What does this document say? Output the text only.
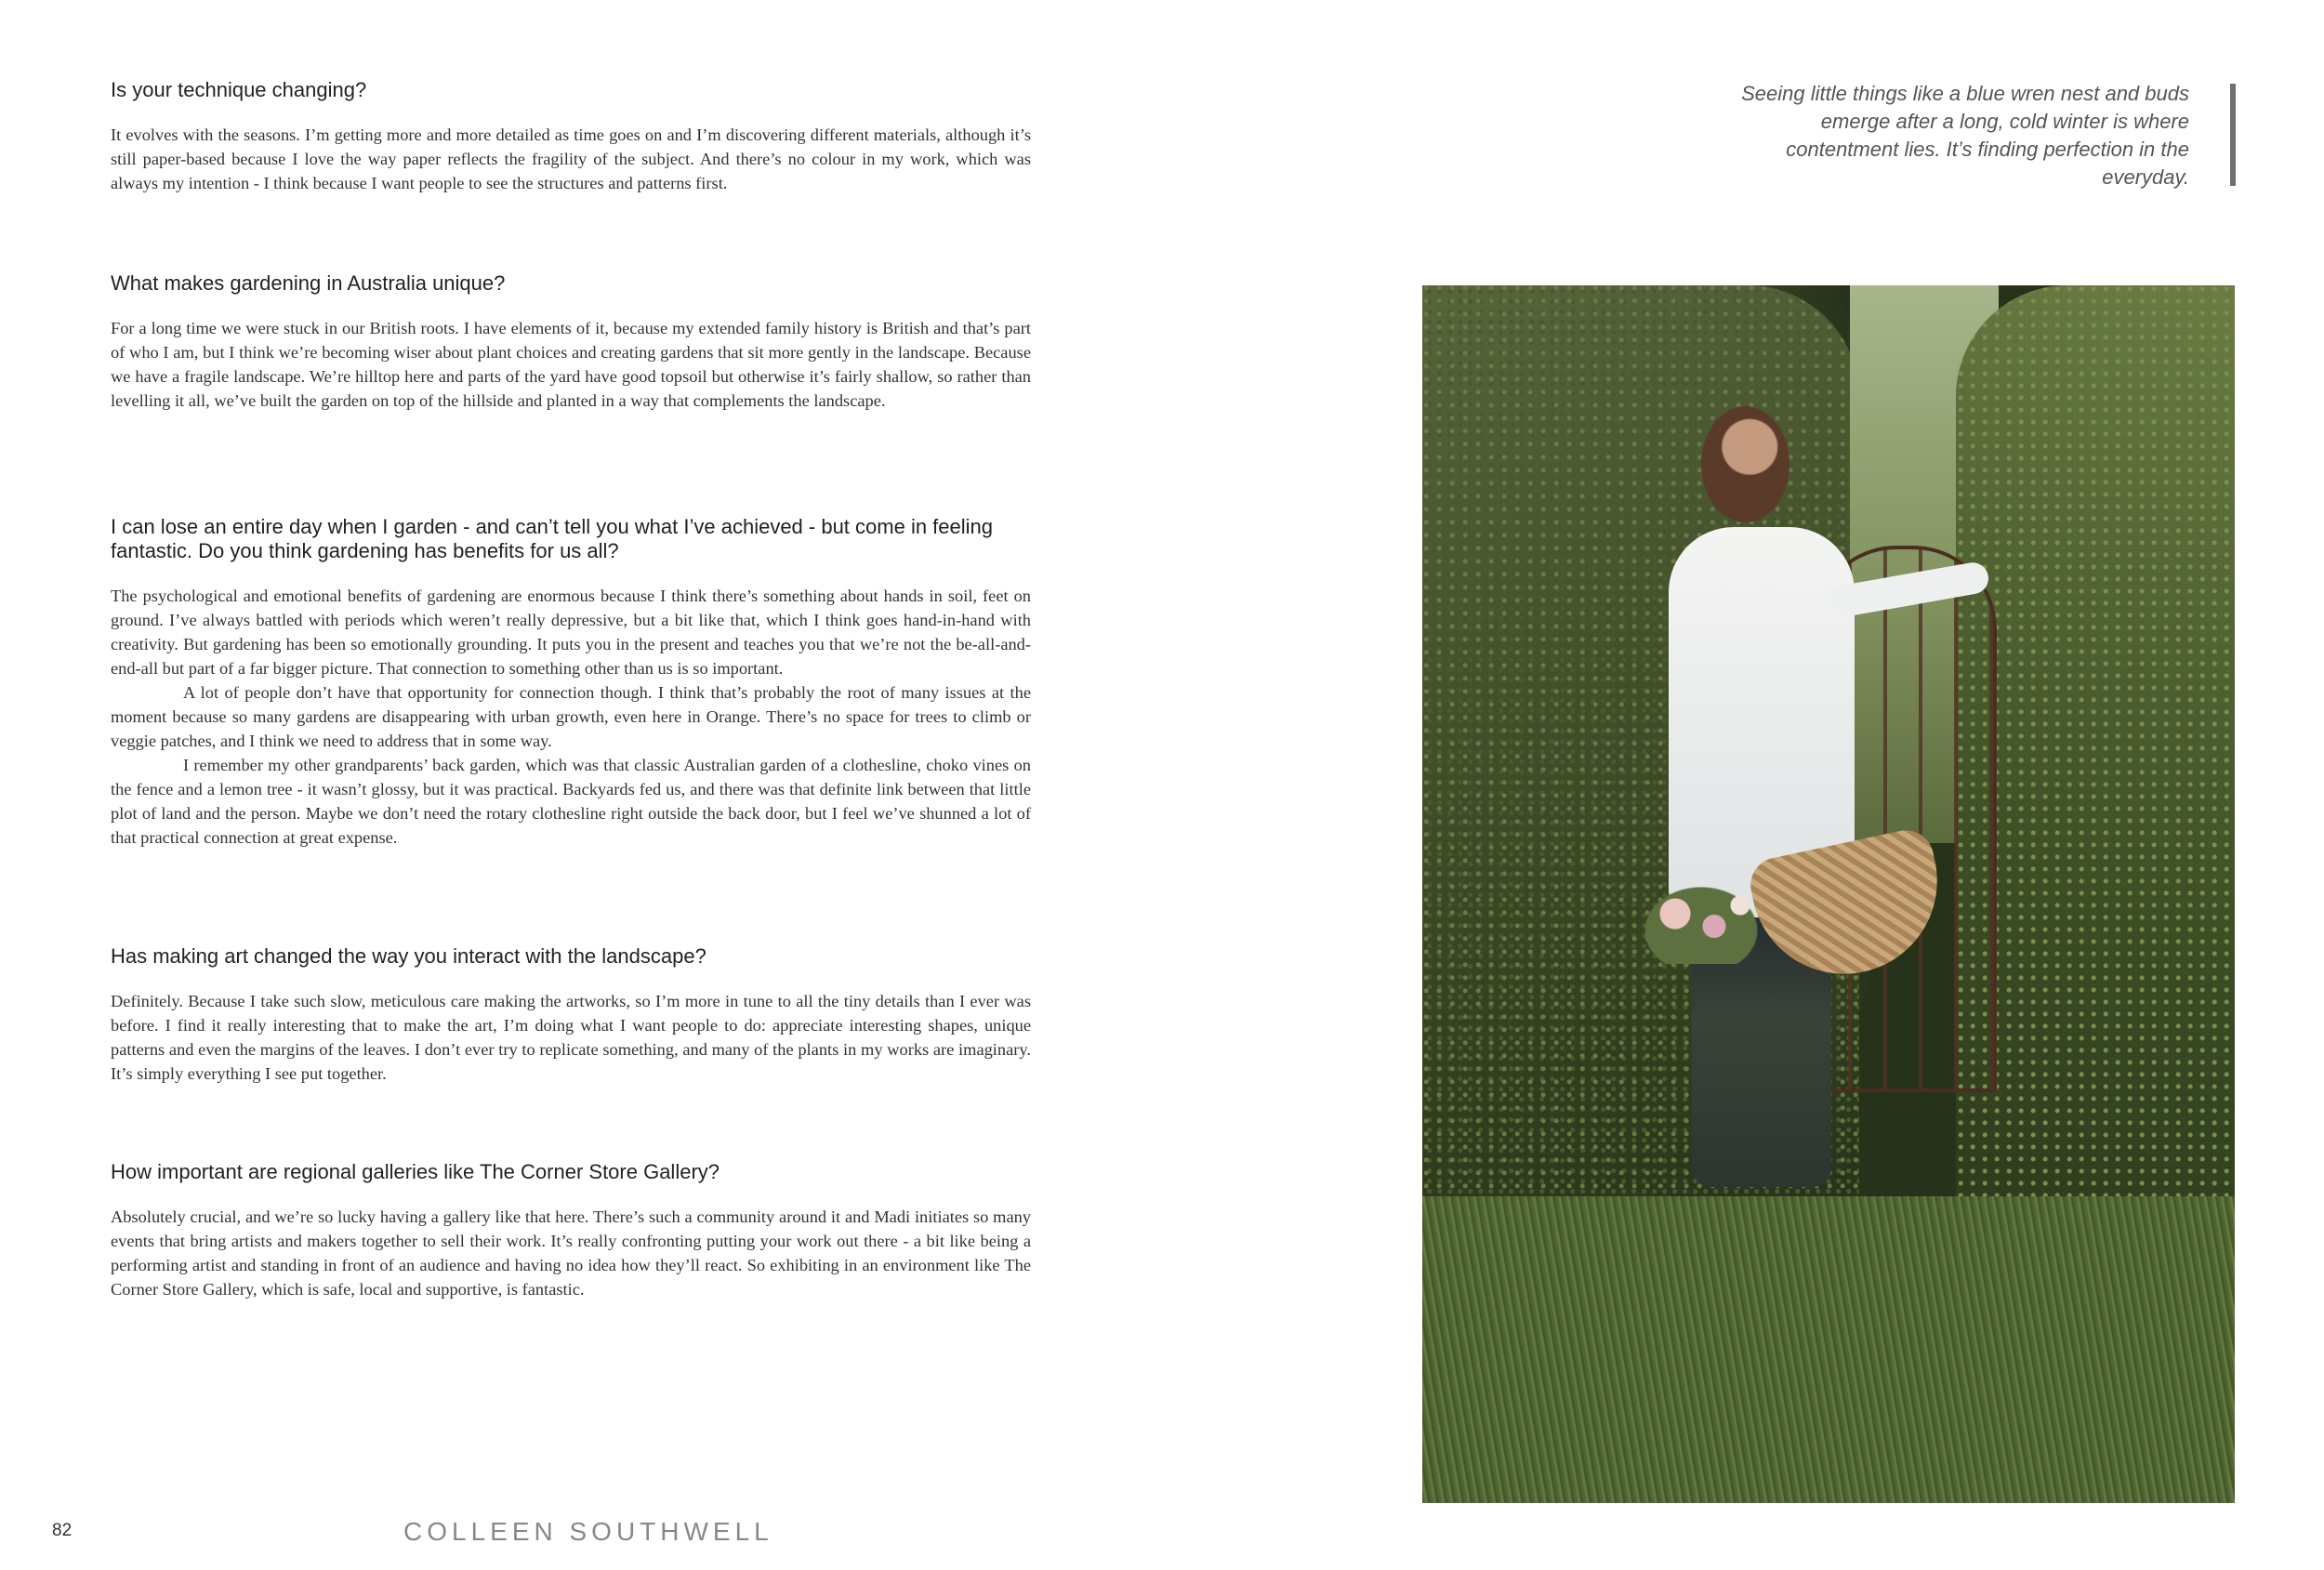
Is your technique changing?

It evolves with the seasons. I’m getting more and more detailed as time goes on and I’m discovering different materials, although it’s still paper-based because I love the way paper reflects the fragility of the subject. And there’s no colour in my work, which was always my intention - I think because I want people to see the structures and patterns first.

What makes gardening in Australia unique?

For a long time we were stuck in our British roots. I have elements of it, because my extended family history is British and that’s part of who I am, but I think we’re becoming wiser about plant choices and creating gardens that sit more gently in the landscape. Because we have a fragile landscape. We’re hilltop here and parts of the yard have good topsoil but otherwise it’s fairly shallow, so rather than levelling it all, we’ve built the garden on top of the hillside and planted in a way that complements the landscape.

I can lose an entire day when I garden - and can’t tell you what I’ve achieved - but come in feeling fantastic. Do you think gardening has benefits for us all?

The psychological and emotional benefits of gardening are enormous because I think there’s something about hands in soil, feet on ground. I’ve always battled with periods which weren’t really depressive, but a bit like that, which I think goes hand-in-hand with creativity. But gardening has been so emotionally grounding. It puts you in the present and teaches you that we’re not the be-all-and-end-all but part of a far bigger picture. That connection to something other than us is so important.

A lot of people don’t have that opportunity for connection though. I think that’s probably the root of many issues at the moment because so many gardens are disappearing with urban growth, even here in Orange. There’s no space for trees to climb or veggie patches, and I think we need to address that in some way.

I remember my other grandparents’ back garden, which was that classic Australian garden of a clothesline, choko vines on the fence and a lemon tree - it wasn’t glossy, but it was practical. Backyards fed us, and there was that definite link between that little plot of land and the person. Maybe we don’t need the rotary clothesline right outside the back door, but I feel we’ve shunned a lot of that practical connection at great expense.

Has making art changed the way you interact with the landscape?

Definitely. Because I take such slow, meticulous care making the artworks, so I’m more in tune to all the tiny details than I ever was before. I find it really interesting that to make the art, I’m doing what I want people to do: appreciate interesting shapes, unique patterns and even the margins of the leaves. I don’t ever try to replicate something, and many of the plants in my works are imaginary. It’s simply everything I see put together.

How important are regional galleries like The Corner Store Gallery?

Absolutely crucial, and we’re so lucky having a gallery like that here. There’s such a community around it and Madi initiates so many events that bring artists and makers together to sell their work. It’s really confronting putting your work out there - a bit like being a performing artist and standing in front of an audience and having no idea how they’ll react. So exhibiting in an environment like The Corner Store Gallery, which is safe, local and supportive, is fantastic.

Seeing little things like a blue wren nest and buds emerge after a long, cold winter is where contentment lies. It’s finding perfection in the everyday.
82	COLLEEN SOUTHWELL
